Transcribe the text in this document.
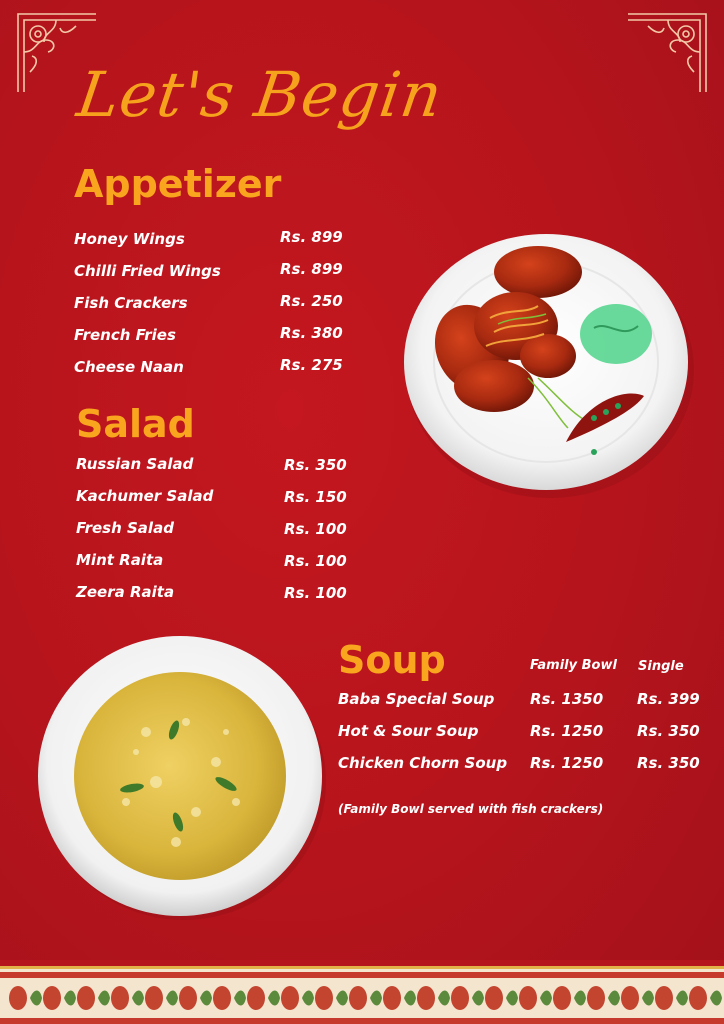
Let's Begin
Appetizer
Honey Wings	Rs. 899
Chilli Fried Wings	Rs. 899
Fish Crackers	Rs. 250
French Fries	Rs. 380
Cheese Naan	Rs. 275
Salad
Russian Salad	Rs. 350
Kachumer Salad	Rs. 150
Fresh Salad	Rs. 100
Mint Raita	Rs. 100
Zeera Raita	Rs. 100
Soup	Family Bowl Single
Baba Special Soup Rs. 1350 Rs. 399
Hot & Sour Soup	Rs. 1250 Rs. 350
Chicken Chorn Soup Rs. 1250 Rs. 350
(Family Bowl served with fish crackers)
